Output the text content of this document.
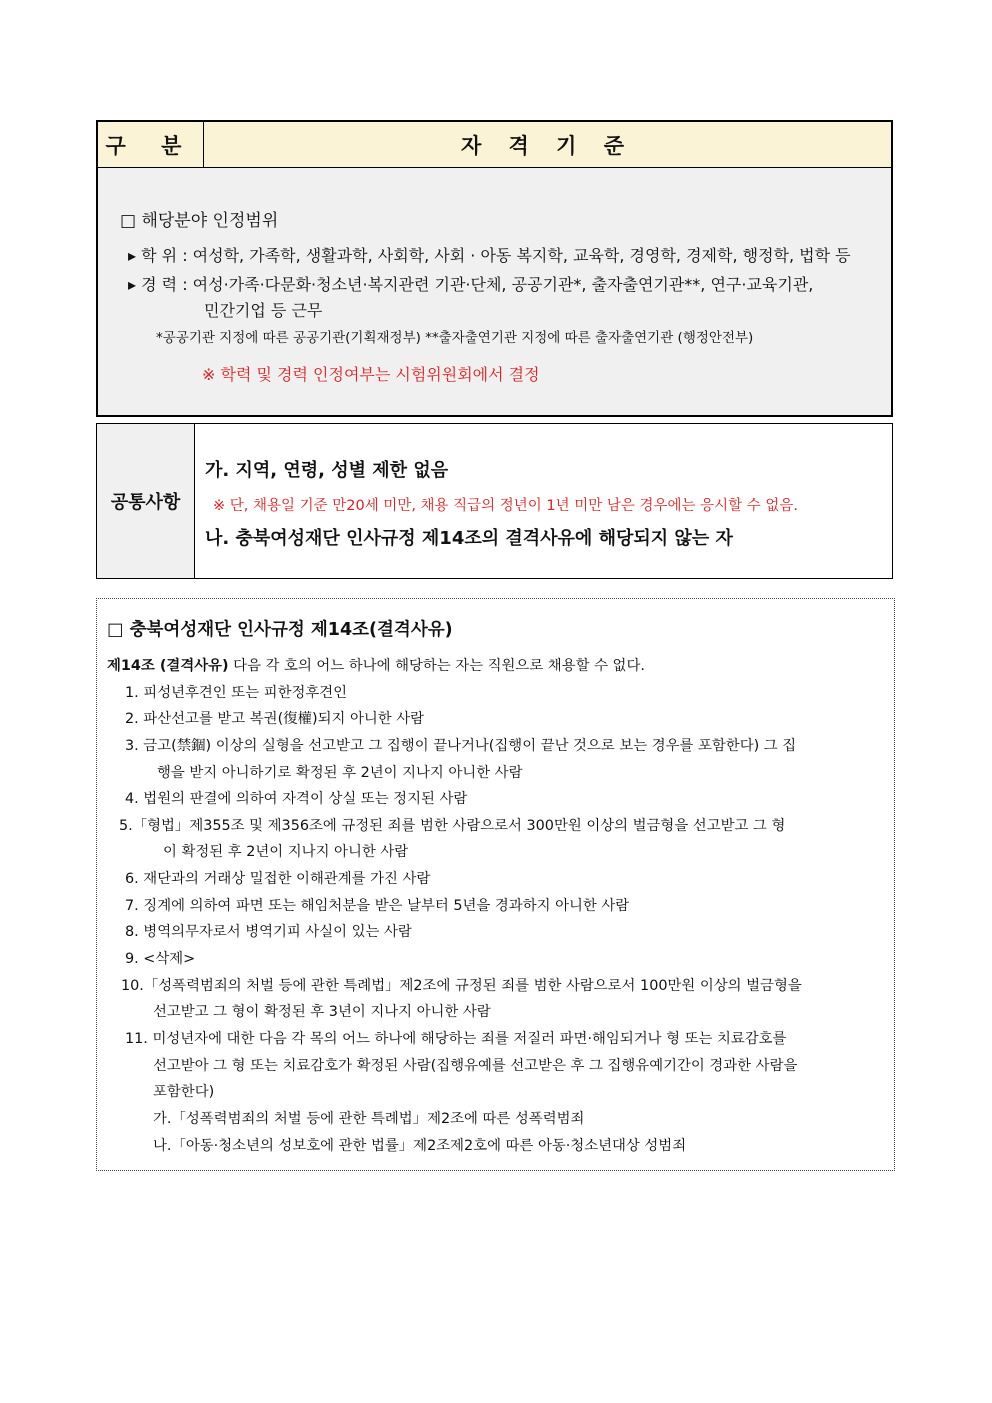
구 분	자 격 기 준
□ 해당분야 인정범위
▸ 학 위 : 여성학, 가족학, 생활과학, 사회학, 사회 · 아동 복지학, 교육학, 경영학, 경제학, 행정학, 법학 등
▸ 경 력 : 여성·가족·다문화·청소년·복지관련 기관·단체, 공공기관*, 출자출연기관**, 연구·교육기관,
민간기업 등 근무
*공공기관 지정에 따른 공공기관(기획재정부) **출자출연기관 지정에 따른 출자출연기관 (행정안전부)
※ 학력 및 경력 인정여부는 시험위원회에서 결정
공통사항
가. 지역, 연령, 성별 제한 없음
※ 단, 채용일 기준 만20세 미만, 채용 직급의 정년이 1년 미만 남은 경우에는 응시할 수 없음.
나. 충북여성재단 인사규정 제14조의 결격사유에 해당되지 않는 자
□ 충북여성재단 인사규정 제14조(결격사유)
제14조 (결격사유) 다음 각 호의 어느 하나에 해당하는 자는 직원으로 채용할 수 없다.
1. 피성년후견인 또는 피한정후견인
2. 파산선고를 받고 복권(復權)되지 아니한 사람
3. 금고(禁錮) 이상의 실형을 선고받고 그 집행이 끝나거나(집행이 끝난 것으로 보는 경우를 포함한다) 그 집
행을 받지 아니하기로 확정된 후 2년이 지나지 아니한 사람
4. 법원의 판결에 의하여 자격이 상실 또는 정지된 사람
5.「형법」제355조 및 제356조에 규정된 죄를 범한 사람으로서 300만원 이상의 벌금형을 선고받고 그 형
이 확정된 후 2년이 지나지 아니한 사람
6. 재단과의 거래상 밀접한 이해관계를 가진 사람
7. 징계에 의하여 파면 또는 해임처분을 받은 날부터 5년을 경과하지 아니한 사람
8. 병역의무자로서 병역기피 사실이 있는 사람
9. <삭제>
10.「성폭력범죄의 처벌 등에 관한 특례법」제2조에 규정된 죄를 범한 사람으로서 100만원 이상의 벌금형을
선고받고 그 형이 확정된 후 3년이 지나지 아니한 사람
11. 미성년자에 대한 다음 각 목의 어느 하나에 해당하는 죄를 저질러 파면·해임되거나 형 또는 치료감호를
선고받아 그 형 또는 치료감호가 확정된 사람(집행유예를 선고받은 후 그 집행유예기간이 경과한 사람을
포함한다)
가.「성폭력범죄의 처벌 등에 관한 특례법」제2조에 따른 성폭력범죄
나.「아동·청소년의 성보호에 관한 법률」제2조제2호에 따른 아동·청소년대상 성범죄
